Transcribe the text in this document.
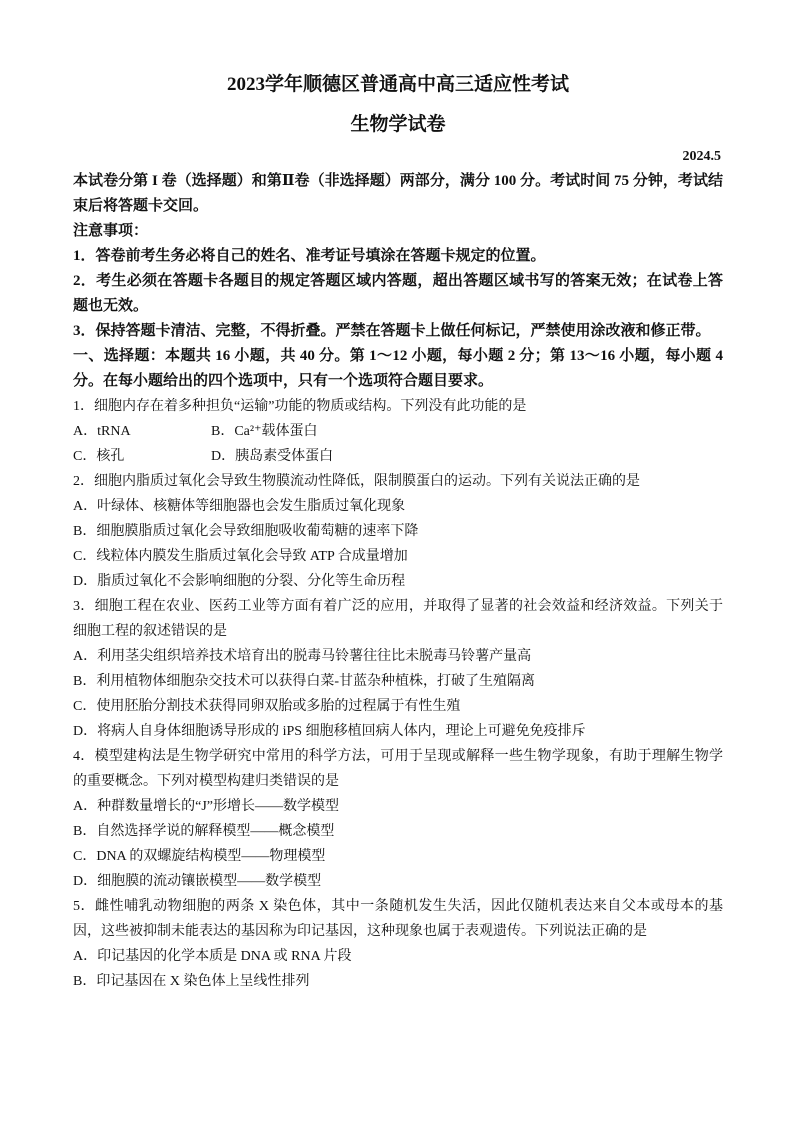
2023学年顺德区普通高中高三适应性考试
生物学试卷
2024.5

本试卷分第 I 卷（选择题）和第Ⅱ卷（非选择题）两部分，满分 100 分。考试时间 75 分钟，考试结束后将答题卡交回。

注意事项：

1．答卷前考生务必将自己的姓名、准考证号填涂在答题卡规定的位置。

2．考生必须在答题卡各题目的规定答题区域内答题，超出答题区域书写的答案无效；在试卷上答题也无效。

3．保持答题卡清洁、完整，不得折叠。严禁在答题卡上做任何标记，严禁使用涂改液和修正带。

一、选择题：本题共 16 小题，共 40 分。第 1～12 小题，每小题 2 分；第 13～16 小题，每小题 4 分。在每小题给出的四个选项中，只有一个选项符合题目要求。

1．细胞内存在着多种担负“运输”功能的物质或结构。下列没有此功能的是

A．tRNA	B．Ca²⁺载体蛋白

C．核孔	D．胰岛素受体蛋白

2．细胞内脂质过氧化会导致生物膜流动性降低，限制膜蛋白的运动。下列有关说法正确的是

A．叶绿体、核糖体等细胞器也会发生脂质过氧化现象

B．细胞膜脂质过氧化会导致细胞吸收葡萄糖的速率下降

C．线粒体内膜发生脂质过氧化会导致 ATP 合成量增加

D．脂质过氧化不会影响细胞的分裂、分化等生命历程

3．细胞工程在农业、医药工业等方面有着广泛的应用，并取得了显著的社会效益和经济效益。下列关于细胞工程的叙述错误的是

A．利用茎尖组织培养技术培育出的脱毒马铃薯往往比未脱毒马铃薯产量高

B．利用植物体细胞杂交技术可以获得白菜-甘蓝杂种植株，打破了生殖隔离

C．使用胚胎分割技术获得同卵双胎或多胎的过程属于有性生殖

D．将病人自身体细胞诱导形成的 iPS 细胞移植回病人体内，理论上可避免免疫排斥

4．模型建构法是生物学研究中常用的科学方法，可用于呈现或解释一些生物学现象，有助于理解生物学的重要概念。下列对模型构建归类错误的是

A．种群数量增长的“J”形增长——数学模型

B．自然选择学说的解释模型——概念模型

C．DNA 的双螺旋结构模型——物理模型

D．细胞膜的流动镶嵌模型——数学模型

5．雌性哺乳动物细胞的两条 X 染色体，其中一条随机发生失活，因此仅随机表达来自父本或母本的基因，这些被抑制未能表达的基因称为印记基因，这种现象也属于表观遗传。下列说法正确的是

A．印记基因的化学本质是 DNA 或 RNA 片段

B．印记基因在 X 染色体上呈线性排列
